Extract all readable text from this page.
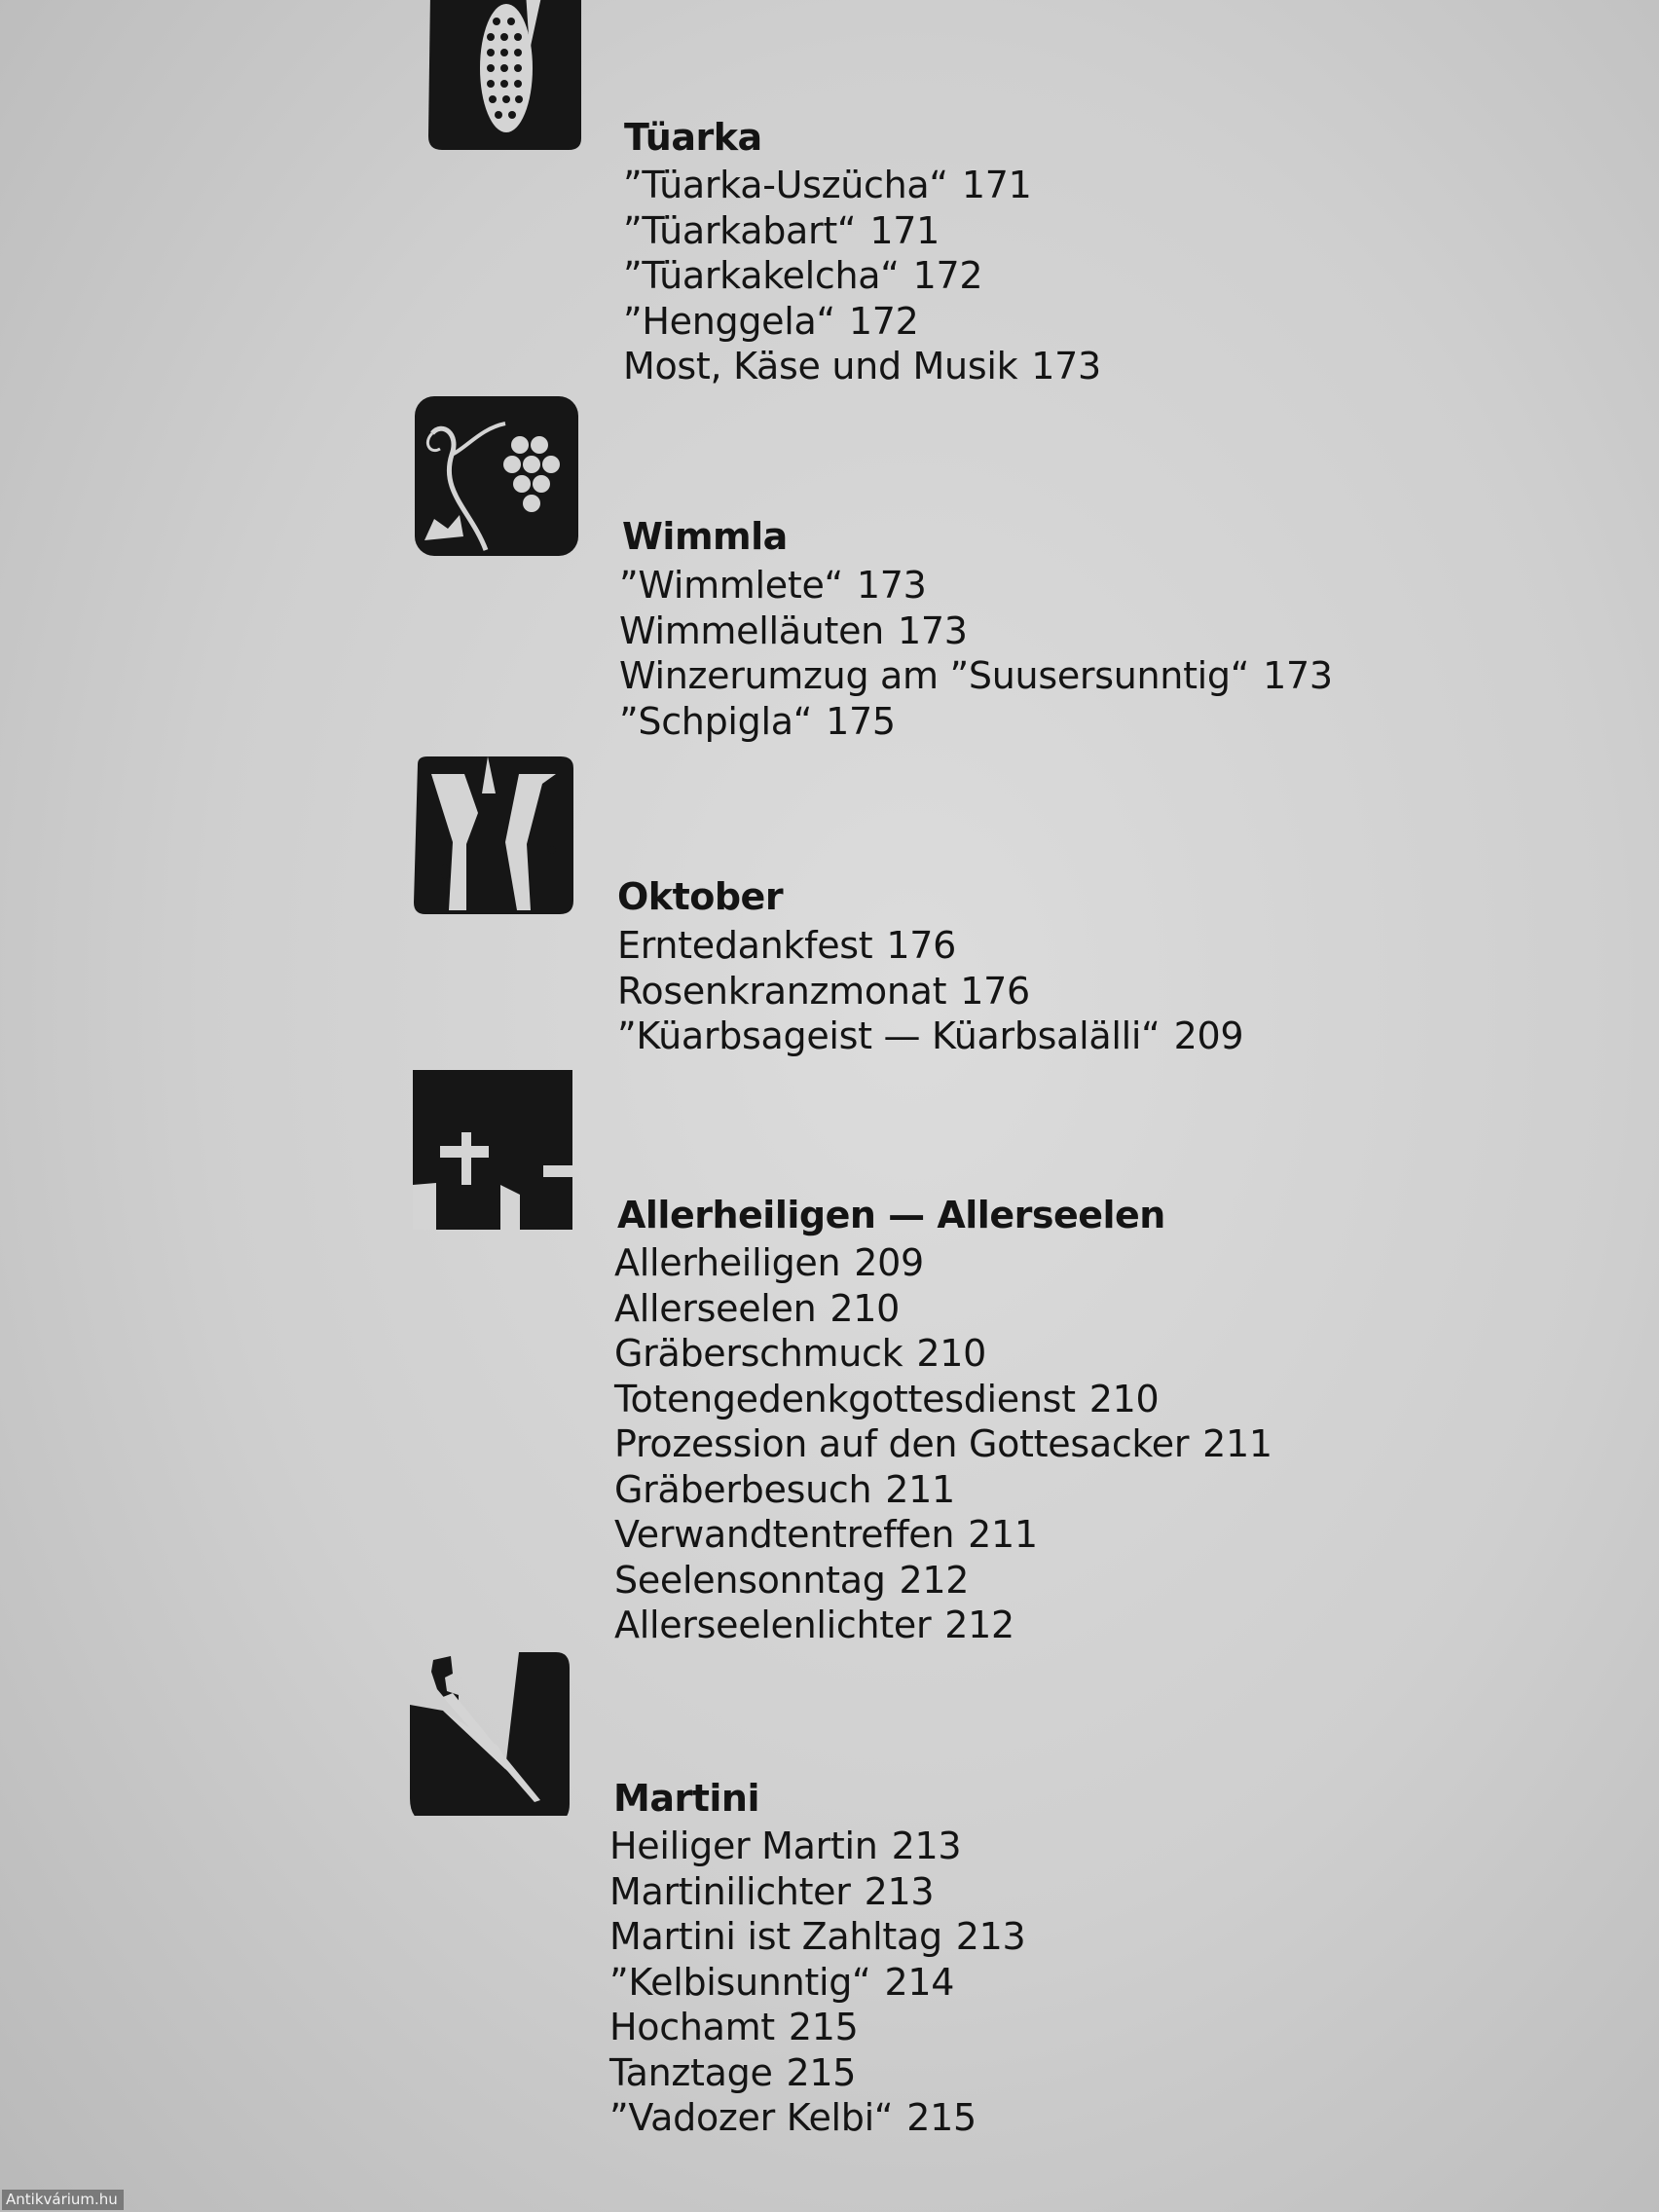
Tüarka
”Tüarka-Uszücha“ 171
”Tüarkabart“ 171
”Tüarkakelcha“ 172
”Henggela“ 172
Most, Käse und Musik 173
Wimmla
”Wimmlete“ 173
Wimmelläuten 173
Winzerumzug am ”Suusersunntig“ 173
”Schpigla“ 175
Oktober
Erntedankfest 176
Rosenkranzmonat 176
”Küarbsageist — Küarbsalälli“ 209
Allerheiligen — Allerseelen
Allerheiligen 209
Allerseelen 210
Gräberschmuck 210
Totengedenkgottesdienst 210
Prozession auf den Gottesacker 211
Gräberbesuch 211
Verwandtentreffen 211
Seelensonntag 212
Allerseelenlichter 212
Martini
Heiliger Martin 213
Martinilichter 213
Martini ist Zahltag 213
”Kelbisunntig“ 214
Hochamt 215
Tanztage 215
”Vadozer Kelbi“ 215
Antikvárium.hu
